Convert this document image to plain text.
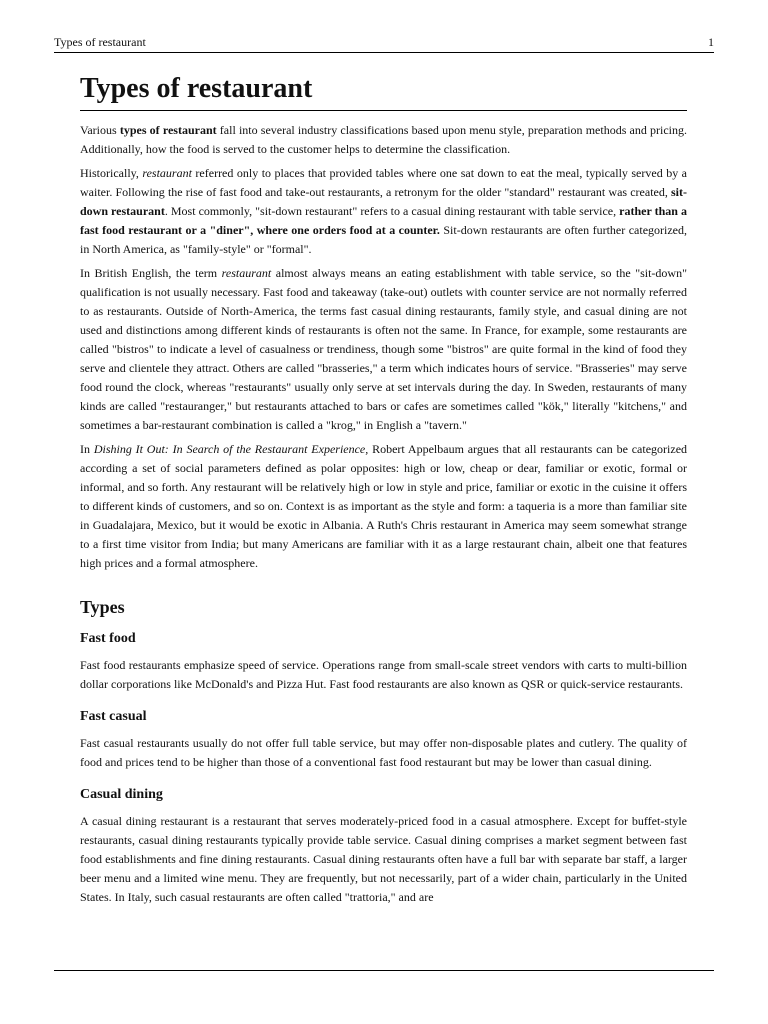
Types of restaurant	1
Types of restaurant

Various types of restaurant fall into several industry classifications based upon menu style, preparation methods and pricing. Additionally, how the food is served to the customer helps to determine the classification.

Historically, restaurant referred only to places that provided tables where one sat down to eat the meal, typically served by a waiter. Following the rise of fast food and take-out restaurants, a retronym for the older "standard" restaurant was created, sit-down restaurant. Most commonly, "sit-down restaurant" refers to a casual dining restaurant with table service, rather than a fast food restaurant or a "diner", where one orders food at a counter. Sit-down restaurants are often further categorized, in North America, as "family-style" or "formal".

In British English, the term restaurant almost always means an eating establishment with table service, so the "sit-down" qualification is not usually necessary. Fast food and takeaway (take-out) outlets with counter service are not normally referred to as restaurants. Outside of North-America, the terms fast casual dining restaurants, family style, and casual dining are not used and distinctions among different kinds of restaurants is often not the same. In France, for example, some restaurants are called "bistros" to indicate a level of casualness or trendiness, though some "bistros" are quite formal in the kind of food they serve and clientele they attract. Others are called "brasseries," a term which indicates hours of service. "Brasseries" may serve food round the clock, whereas "restaurants" usually only serve at set intervals during the day. In Sweden, restaurants of many kinds are called "restauranger," but restaurants attached to bars or cafes are sometimes called "kök," literally "kitchens," and sometimes a bar-restaurant combination is called a "krog," in English a "tavern."

In Dishing It Out: In Search of the Restaurant Experience, Robert Appelbaum argues that all restaurants can be categorized according a set of social parameters defined as polar opposites: high or low, cheap or dear, familiar or exotic, formal or informal, and so forth. Any restaurant will be relatively high or low in style and price, familiar or exotic in the cuisine it offers to different kinds of customers, and so on. Context is as important as the style and form: a taqueria is a more than familiar site in Guadalajara, Mexico, but it would be exotic in Albania. A Ruth's Chris restaurant in America may seem somewhat strange to a first time visitor from India; but many Americans are familiar with it as a large restaurant chain, albeit one that features high prices and a formal atmosphere.

Types
Fast food

Fast food restaurants emphasize speed of service. Operations range from small-scale street vendors with carts to multi-billion dollar corporations like McDonald's and Pizza Hut. Fast food restaurants are also known as QSR or quick-service restaurants.

Fast casual

Fast casual restaurants usually do not offer full table service, but may offer non-disposable plates and cutlery. The quality of food and prices tend to be higher than those of a conventional fast food restaurant but may be lower than casual dining.

Casual dining

A casual dining restaurant is a restaurant that serves moderately-priced food in a casual atmosphere. Except for buffet-style restaurants, casual dining restaurants typically provide table service. Casual dining comprises a market segment between fast food establishments and fine dining restaurants. Casual dining restaurants often have a full bar with separate bar staff, a larger beer menu and a limited wine menu. They are frequently, but not necessarily, part of a wider chain, particularly in the United States. In Italy, such casual restaurants are often called "trattoria," and are
